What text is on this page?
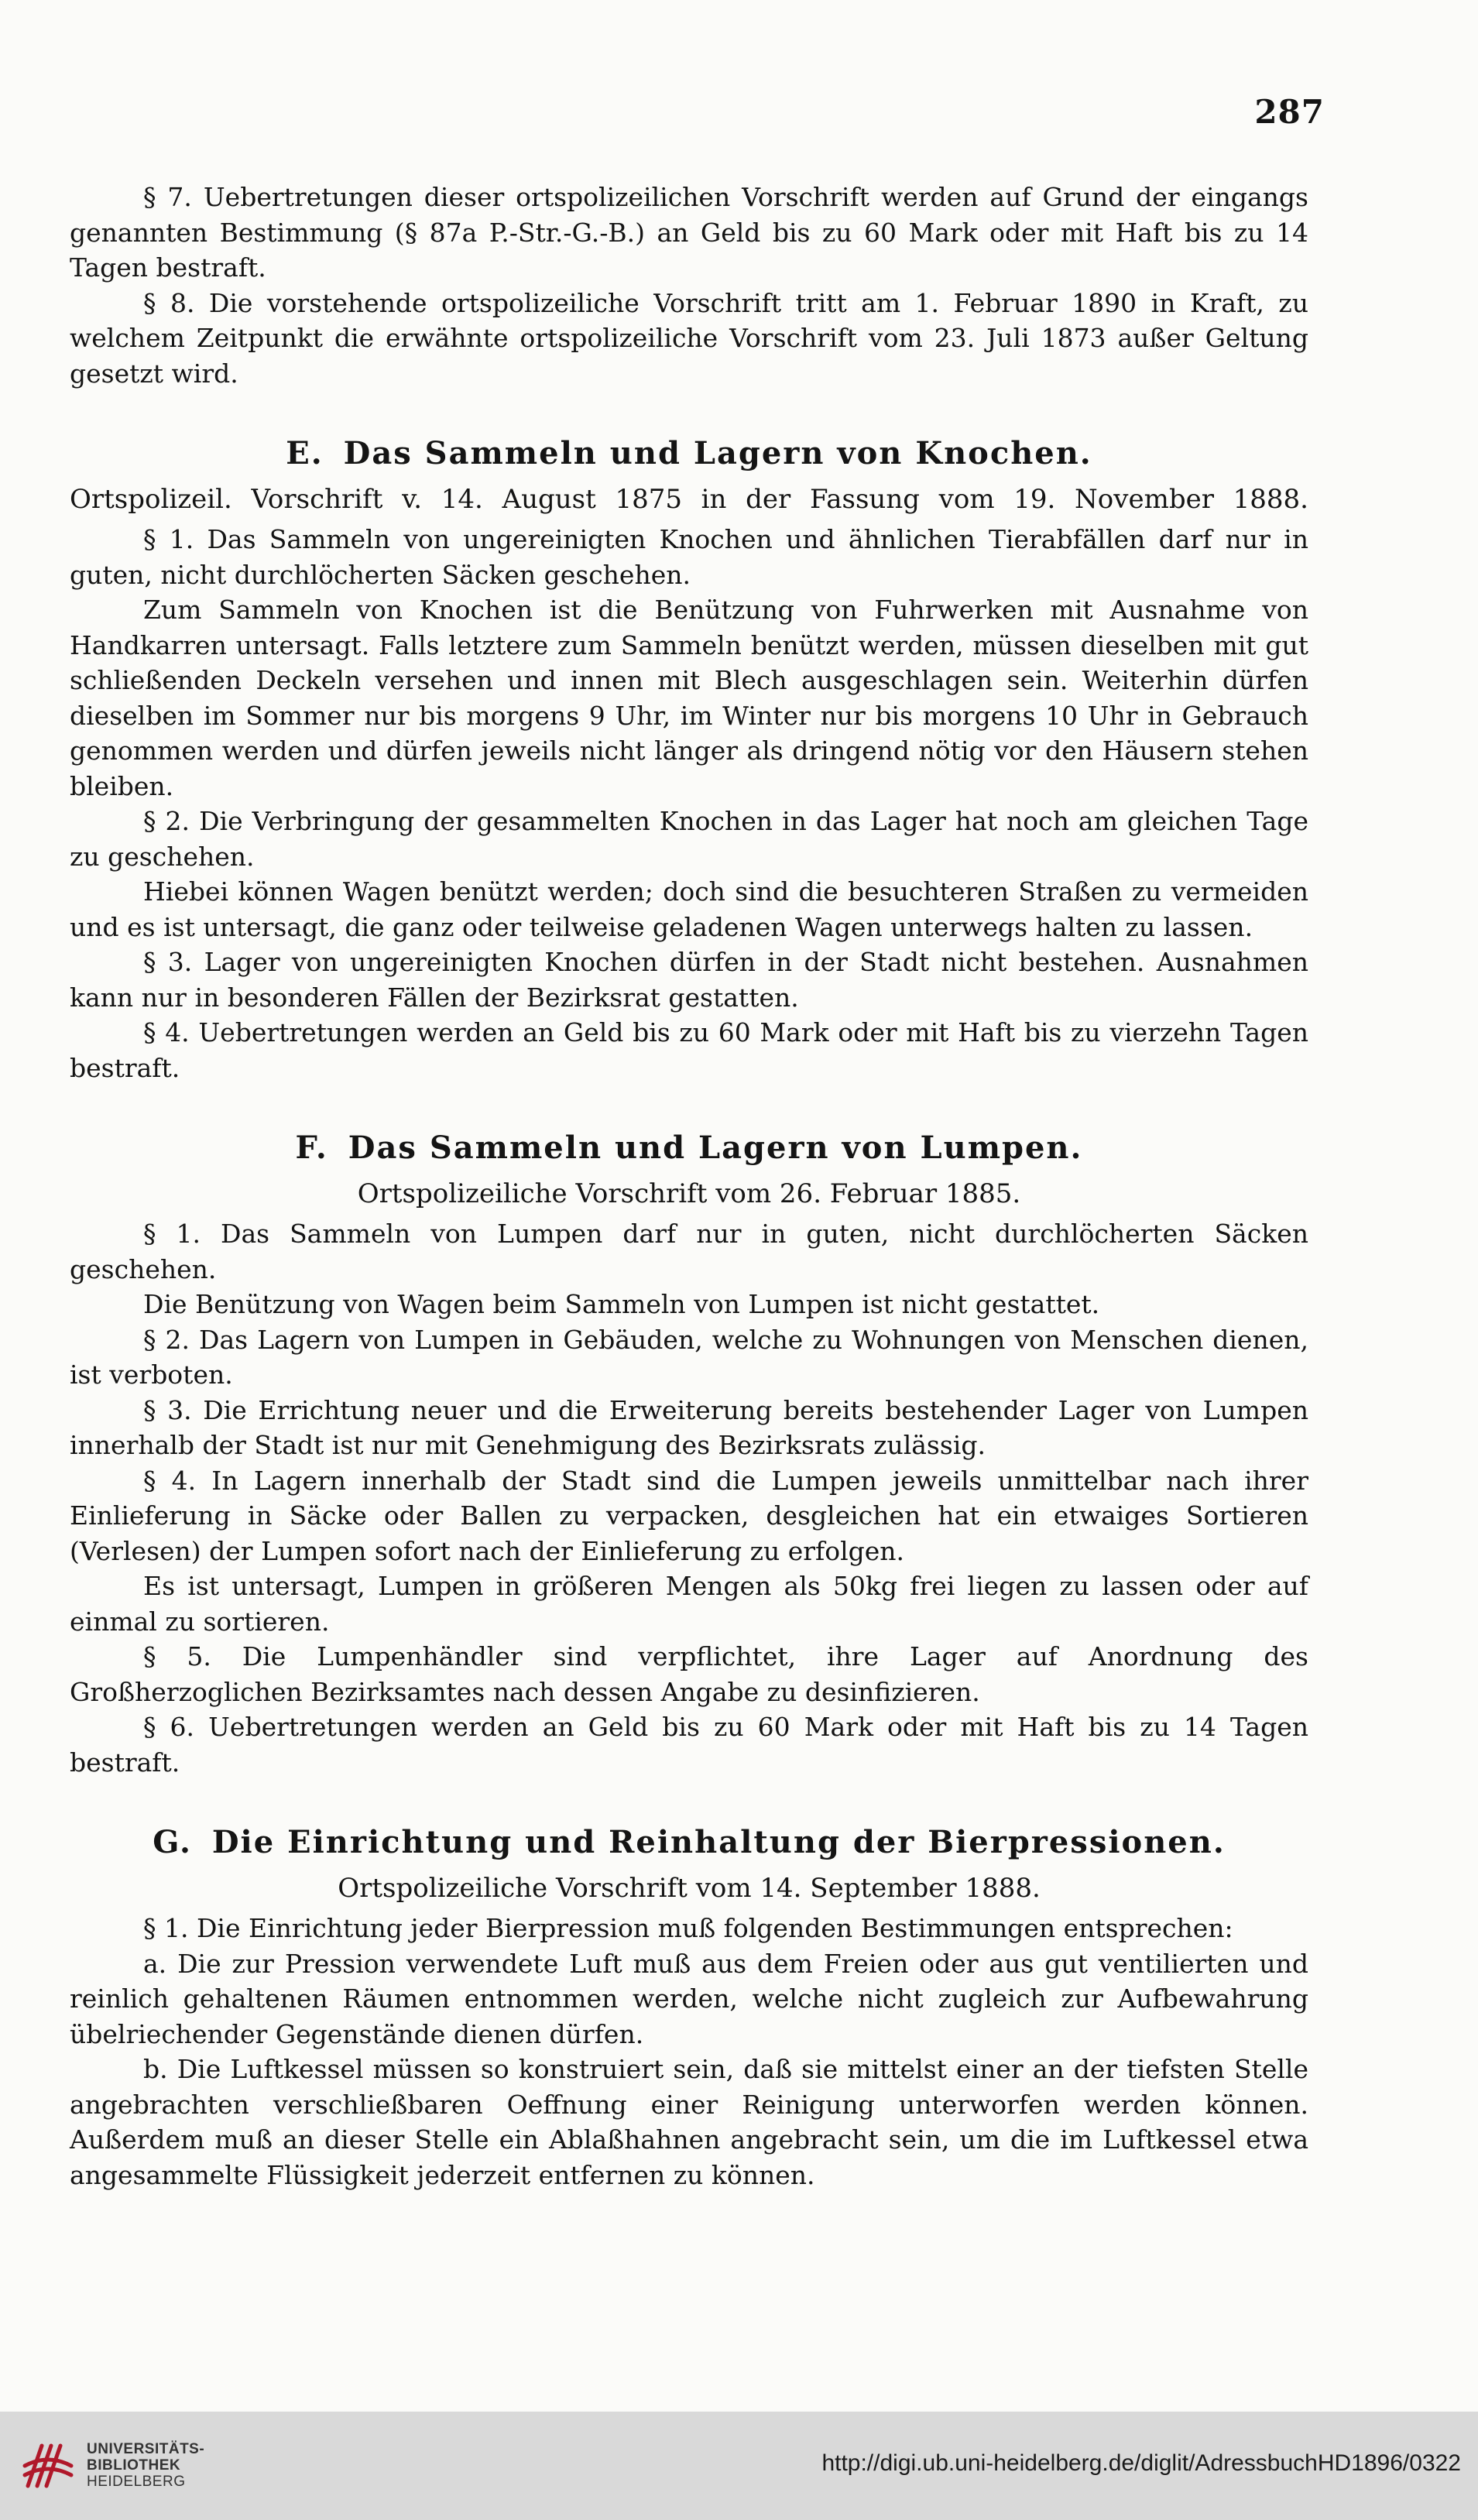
287

§ 7. Uebertretungen dieser ortspolizeilichen Vorschrift werden auf Grund der eingangs genannten Bestimmung (§ 87a P.-Str.-G.-B.) an Geld bis zu 60 Mark oder mit Haft bis zu 14 Tagen bestraft.

§ 8. Die vorstehende ortspolizeiliche Vorschrift tritt am 1. Februar 1890 in Kraft, zu welchem Zeitpunkt die erwähnte ortspolizeiliche Vorschrift vom 23. Juli 1873 außer Geltung gesetzt wird.

E. Das Sammeln und Lagern von Knochen.
Ortspolizeil. Vorschrift v. 14. August 1875 in der Fassung vom 19. November 1888.

§ 1. Das Sammeln von ungereinigten Knochen und ähnlichen Tierabfällen darf nur in guten, nicht durchlöcherten Säcken geschehen.

Zum Sammeln von Knochen ist die Benützung von Fuhrwerken mit Ausnahme von Handkarren untersagt. Falls letztere zum Sammeln benützt werden, müssen dieselben mit gut schließenden Deckeln versehen und innen mit Blech ausgeschlagen sein. Weiterhin dürfen dieselben im Sommer nur bis morgens 9 Uhr, im Winter nur bis morgens 10 Uhr in Gebrauch genommen werden und dürfen jeweils nicht länger als dringend nötig vor den Häusern stehen bleiben.

§ 2. Die Verbringung der gesammelten Knochen in das Lager hat noch am gleichen Tage zu geschehen.

Hiebei können Wagen benützt werden; doch sind die besuchteren Straßen zu vermeiden und es ist untersagt, die ganz oder teilweise geladenen Wagen unterwegs halten zu lassen.

§ 3. Lager von ungereinigten Knochen dürfen in der Stadt nicht bestehen. Ausnahmen kann nur in besonderen Fällen der Bezirksrat gestatten.

§ 4. Uebertretungen werden an Geld bis zu 60 Mark oder mit Haft bis zu vierzehn Tagen bestraft.

F. Das Sammeln und Lagern von Lumpen.
Ortspolizeiliche Vorschrift vom 26. Februar 1885.

§ 1. Das Sammeln von Lumpen darf nur in guten, nicht durchlöcherten Säcken geschehen.

Die Benützung von Wagen beim Sammeln von Lumpen ist nicht gestattet.

§ 2. Das Lagern von Lumpen in Gebäuden, welche zu Wohnungen von Menschen dienen, ist verboten.

§ 3. Die Errichtung neuer und die Erweiterung bereits bestehender Lager von Lumpen innerhalb der Stadt ist nur mit Genehmigung des Bezirksrats zulässig.

§ 4. In Lagern innerhalb der Stadt sind die Lumpen jeweils unmittelbar nach ihrer Einlieferung in Säcke oder Ballen zu verpacken, desgleichen hat ein etwaiges Sortieren (Verlesen) der Lumpen sofort nach der Einlieferung zu erfolgen.

Es ist untersagt, Lumpen in größeren Mengen als 50kg frei liegen zu lassen oder auf einmal zu sortieren.

§ 5. Die Lumpenhändler sind verpflichtet, ihre Lager auf Anordnung des Großherzoglichen Bezirksamtes nach dessen Angabe zu desinfizieren.

§ 6. Uebertretungen werden an Geld bis zu 60 Mark oder mit Haft bis zu 14 Tagen bestraft.

G. Die Einrichtung und Reinhaltung der Bierpressionen.
Ortspolizeiliche Vorschrift vom 14. September 1888.

§ 1. Die Einrichtung jeder Bierpression muß folgenden Bestimmungen entsprechen:

a. Die zur Pression verwendete Luft muß aus dem Freien oder aus gut ventilierten und reinlich gehaltenen Räumen entnommen werden, welche nicht zugleich zur Aufbewahrung übelriechender Gegenstände dienen dürfen.

b. Die Luftkessel müssen so konstruiert sein, daß sie mittelst einer an der tiefsten Stelle angebrachten verschließbaren Oeffnung einer Reinigung unterworfen werden können. Außerdem muß an dieser Stelle ein Ablaßhahnen angebracht sein, um die im Luftkessel etwa angesammelte Flüssigkeit jederzeit entfernen zu können.

UNIVERSITÄTS-
BIBLIOTHEK
HEIDELBERG
http://digi.ub.uni-heidelberg.de/diglit/AdressbuchHD1896/0322
